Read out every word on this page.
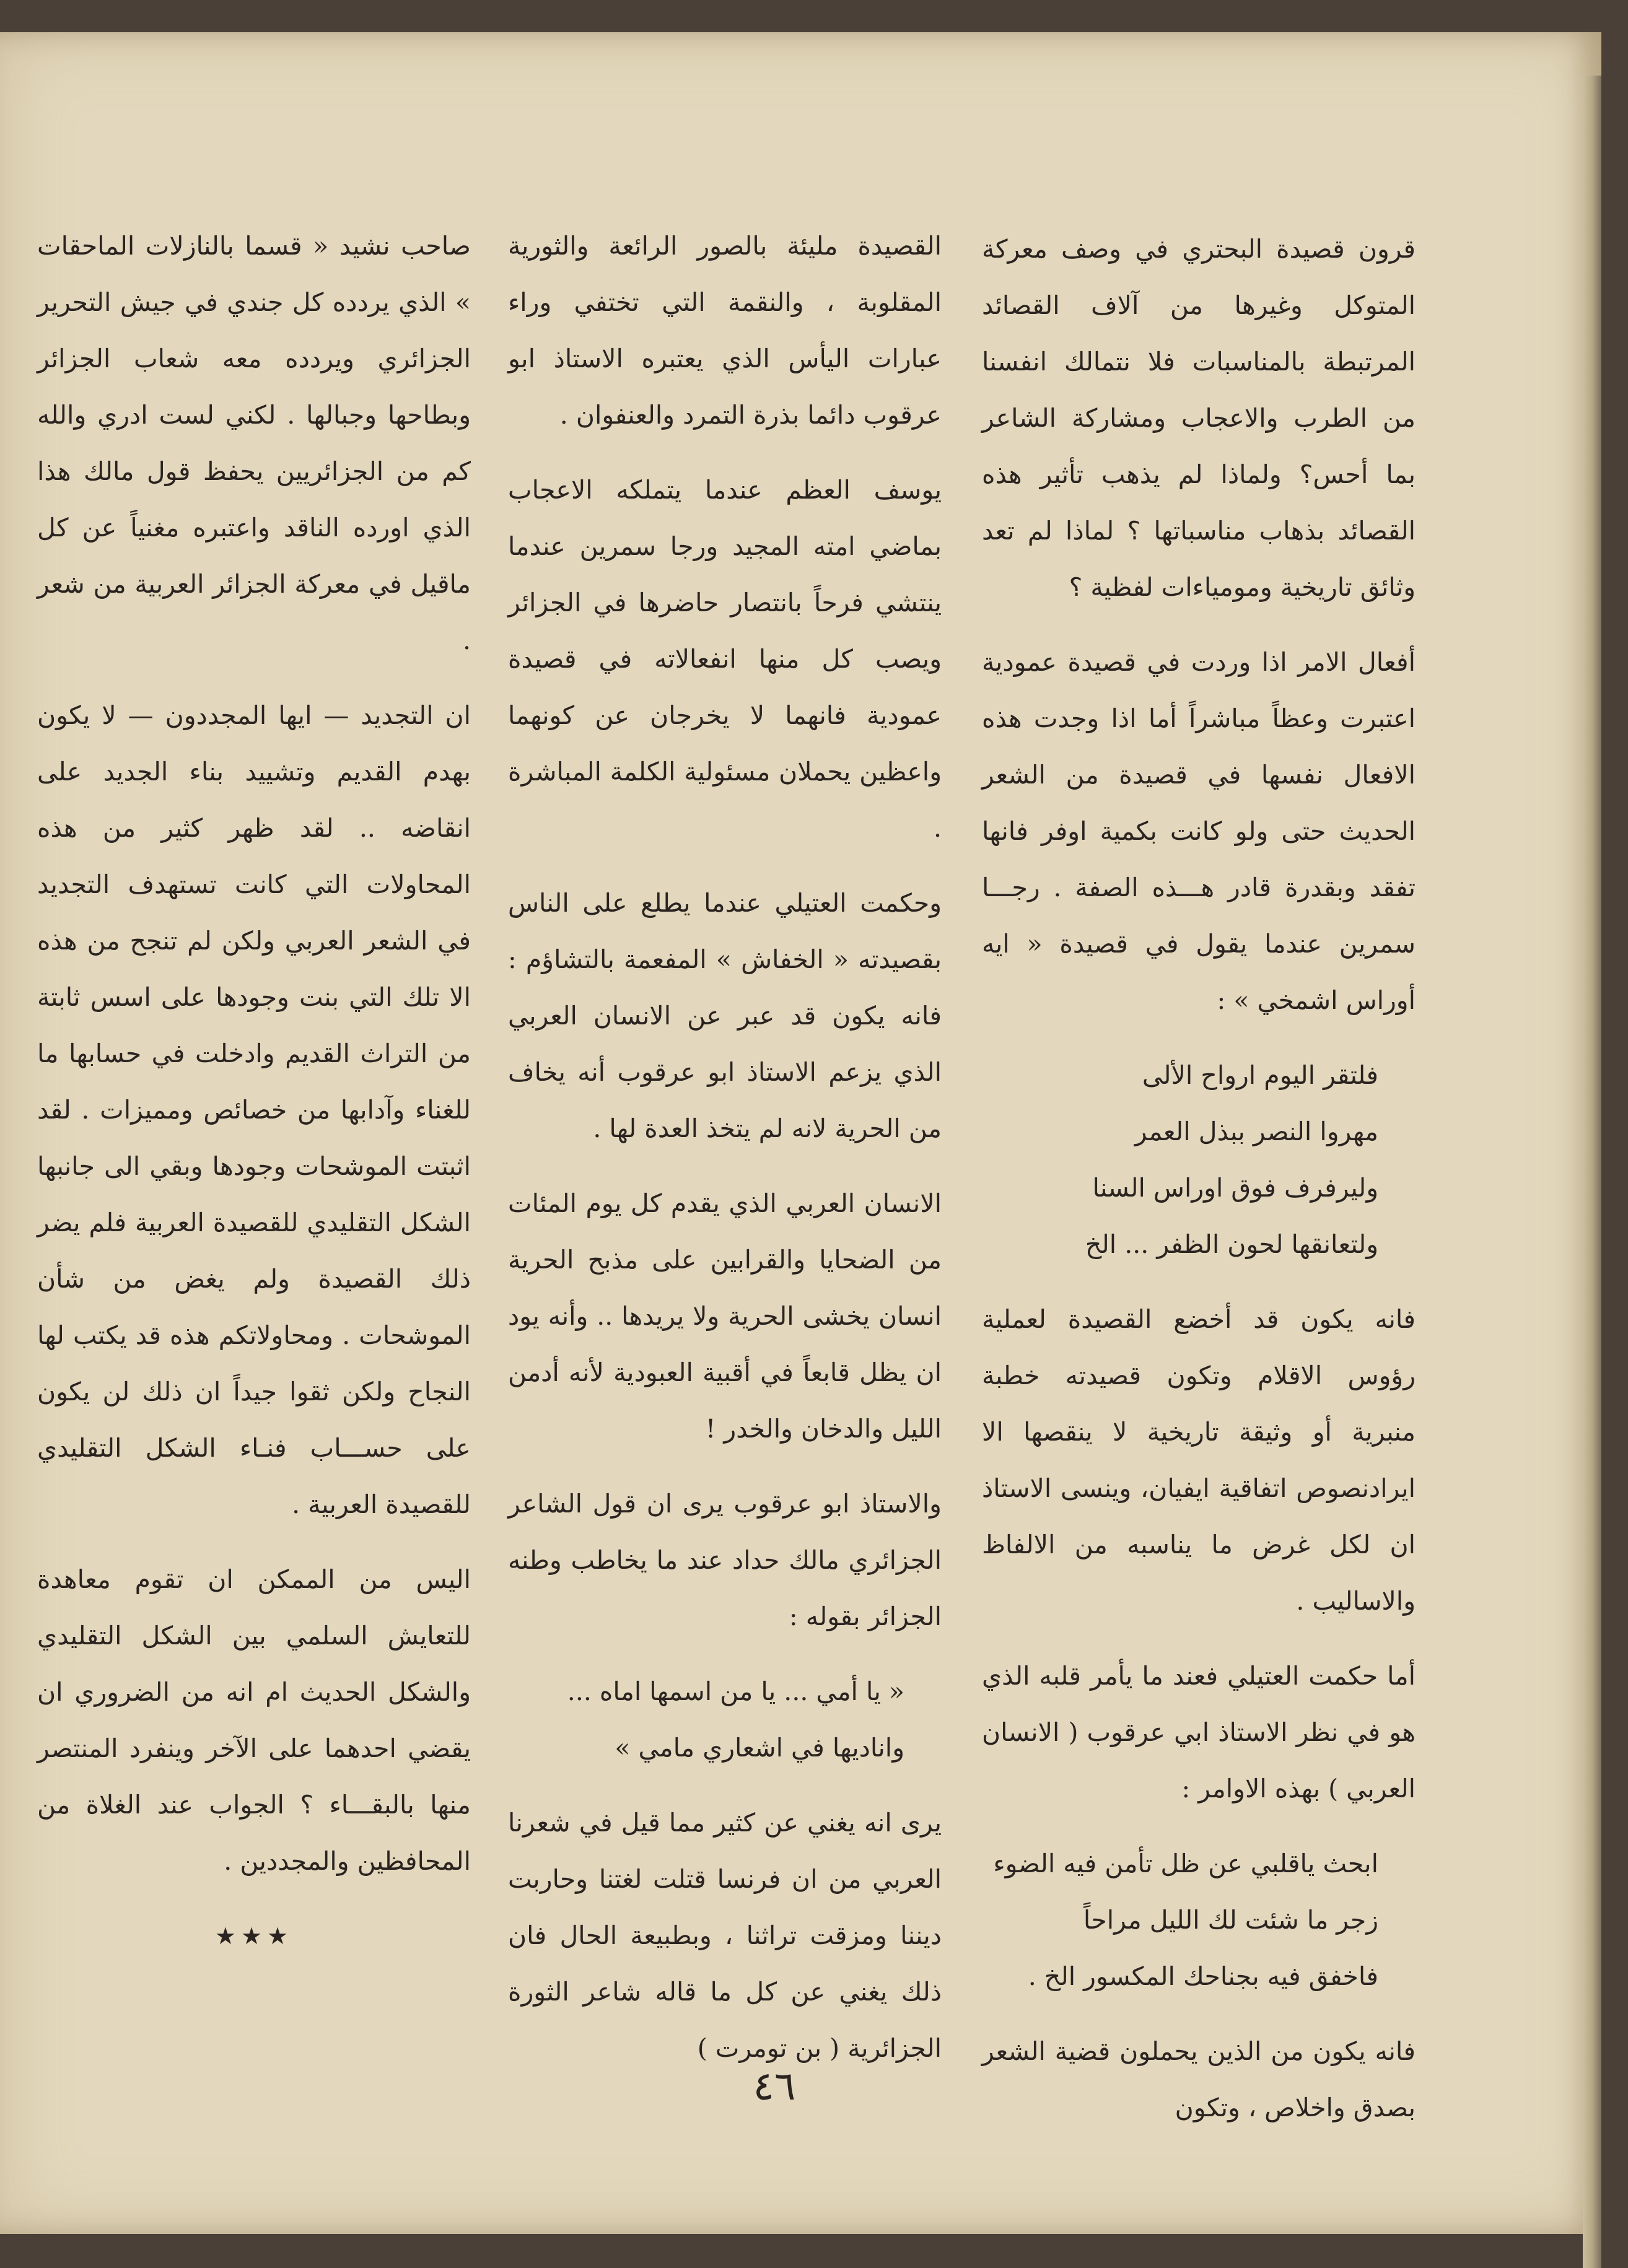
قرون قصيدة البحتري في وصف معركة المتوكل وغيرها من آلاف القصائد المرتبطة بالمناسبات فلا نتمالك انفسنا من الطرب والاعجاب ومشاركة الشاعر بما أحس؟ ولماذا لم يذهب تأثير هذه القصائد بذهاب مناسباتها ؟ لماذا لم تعد وثائق تاريخية ومومياءات لفظية ؟

أفعال الامر اذا وردت في قصيدة عمودية اعتبرت وعظاً مباشراً أما اذا وجدت هذه الافعال نفسها في قصيدة من الشعر الحديث حتى ولو كانت بكمية اوفر فانها تفقد وبقدرة قادر هـــذه الصفة . رجـــا سمرين عندما يقول في قصيدة « ايه أوراس اشمخي » :

فلتقر اليوم ارواح الألى
مهروا النصر ببذل العمر
وليرفرف فوق اوراس السنا
ولتعانقها لحون الظفر ... الخ

فانه يكون قد أخضع القصيدة لعملية رؤوس الاقلام وتكون قصيدته خطبة منبرية أو وثيقة تاريخية لا ينقصها الا ايرادنصوص اتفاقية ايفيان، وينسى الاستاذ ان لكل غرض ما يناسبه من الالفاظ والاساليب .

أما حكمت العتيلي فعند ما يأمر قلبه الذي هو في نظر الاستاذ ابي عرقوب ( الانسان العربي ) بهذه الاوامر :

ابحث ياقلبي عن ظل تأمن فيه الضوء
زجر ما شئت لك الليل مراحاً
فاخفق فيه بجناحك المكسور الخ .

فانه يكون من الذين يحملون قضية الشعر بصدق واخلاص ، وتكون

القصيدة مليئة بالصور الرائعة والثورية المقلوبة ، والنقمة التي تختفي وراء عبارات اليأس الذي يعتبره الاستاذ ابو عرقوب دائما بذرة التمرد والعنفوان .

يوسف العظم عندما يتملكه الاعجاب بماضي امته المجيد ورجا سمرين عندما ينتشي فرحاً بانتصار حاضرها في الجزائر ويصب كل منها انفعالاته في قصيدة عمودية فانهما لا يخرجان عن كونهما واعظين يحملان مسئولية الكلمة المباشرة .

وحكمت العتيلي عندما يطلع على الناس بقصيدته « الخفاش » المفعمة بالتشاؤم : فانه يكون قد عبر عن الانسان العربي الذي يزعم الاستاذ ابو عرقوب أنه يخاف من الحرية لانه لم يتخذ العدة لها .

الانسان العربي الذي يقدم كل يوم المئات من الضحايا والقرابين على مذبح الحرية انسان يخشى الحرية ولا يريدها .. وأنه يود ان يظل قابعاً في أقبية العبودية لأنه أدمن الليل والدخان والخدر !

والاستاذ ابو عرقوب يرى ان قول الشاعر الجزائري مالك حداد عند ما يخاطب وطنه الجزائر بقوله :

« يا أمي ... يا من اسمها اماه ...
واناديها في اشعاري مامي »

يرى انه يغني عن كثير مما قيل في شعرنا العربي من ان فرنسا قتلت لغتنا وحاربت ديننا ومزقت تراثنا ، وبطبيعة الحال فان ذلك يغني عن كل ما قاله شاعر الثورة الجزائرية ( بن تومرت )

صاحب نشيد « قسما بالنازلات الماحقات » الذي يردده كل جندي في جيش التحرير الجزائري ويردده معه شعاب الجزائر وبطاحها وجبالها . لكني لست ادري والله كم من الجزائريين يحفظ قول مالك هذا الذي اورده الناقد واعتبره مغنياً عن كل ماقيل في معركة الجزائر العربية من شعر .

ان التجديد — ايها المجددون — لا يكون بهدم القديم وتشييد بناء الجديد على انقاضه .. لقد ظهر كثير من هذه المحاولات التي كانت تستهدف التجديد في الشعر العربي ولكن لم تنجح من هذه الا تلك التي بنت وجودها على اسس ثابتة من التراث القديم وادخلت في حسابها ما للغناء وآدابها من خصائص ومميزات . لقد اثبتت الموشحات وجودها وبقي الى جانبها الشكل التقليدي للقصيدة العربية فلم يضر ذلك القصيدة ولم يغض من شأن الموشحات . ومحاولاتكم هذه قد يكتب لها النجاح ولكن ثقوا جيداً ان ذلك لن يكون على حســـاب فنـاء الشكل التقليدي للقصيدة العربية .

اليس من الممكن ان تقوم معاهدة للتعايش السلمي بين الشكل التقليدي والشكل الحديث ام انه من الضروري ان يقضي احدهما على الآخر وينفرد المنتصر منها بالبقـــاء ؟ الجواب عند الغلاة من المحافظين والمجددين .

★★★
٤٦
